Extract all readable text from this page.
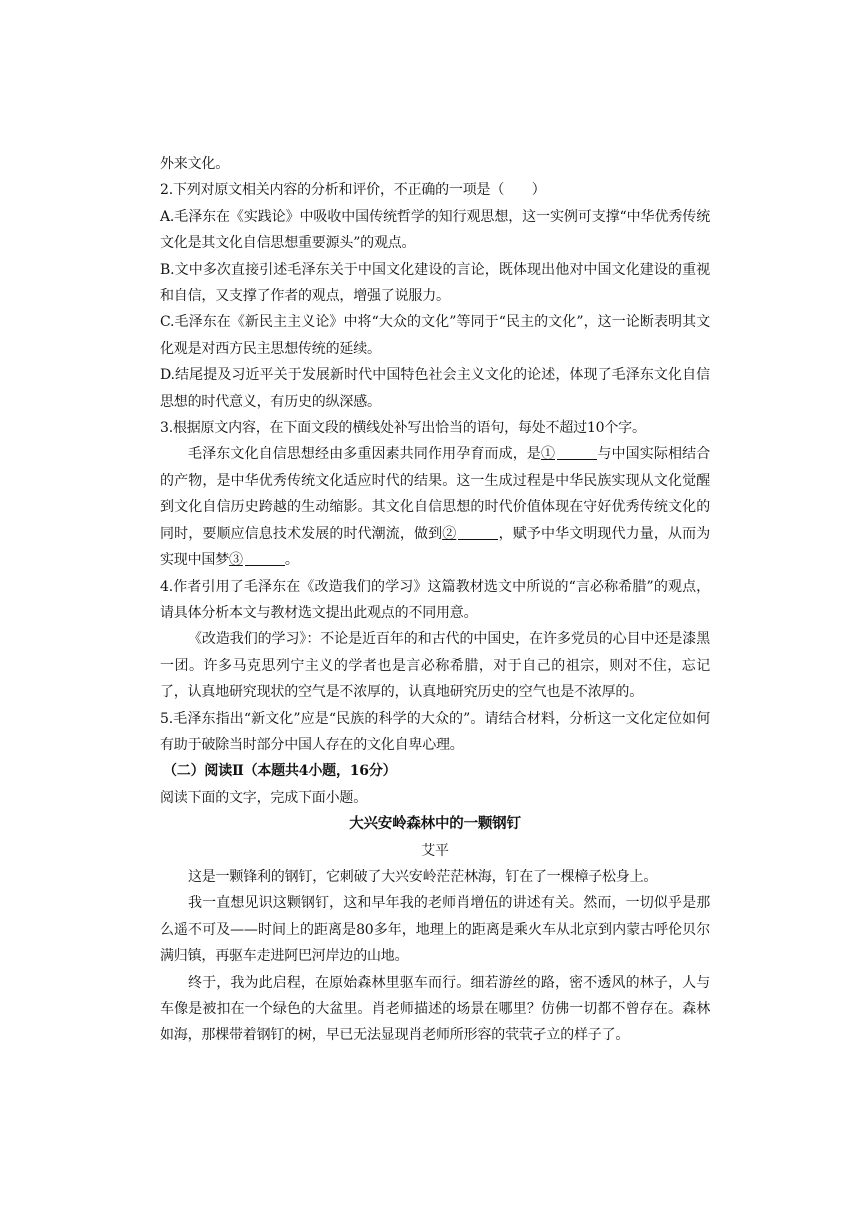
外来文化。

2.下列对原文相关内容的分析和评价，不正确的一项是（　　）

A.毛泽东在《实践论》中吸收中国传统哲学的知行观思想，这一实例可支撑“中华优秀传统文化是其文化自信思想重要源头”的观点。

B.文中多次直接引述毛泽东关于中国文化建设的言论，既体现出他对中国文化建设的重视和自信，又支撑了作者的观点，增强了说服力。

C.毛泽东在《新民主主义论》中将“大众的文化”等同于“民主的文化”，这一论断表明其文化观是对西方民主思想传统的延续。

D.结尾提及习近平关于发展新时代中国特色社会主义文化的论述，体现了毛泽东文化自信思想的时代意义，有历史的纵深感。

3.根据原文内容，在下面文段的横线处补写出恰当的语句，每处不超过10个字。

毛泽东文化自信思想经由多重因素共同作用孕育而成，是①	与中国实际相结合的产物，是中华优秀传统文化适应时代的结果。这一生成过程是中华民族实现从文化觉醒到文化自信历史跨越的生动缩影。其文化自信思想的时代价值体现在守好优秀传统文化的同时，要顺应信息技术发展的时代潮流，做到②	，赋予中华文明现代力量，从而为实现中国梦③	。

4.作者引用了毛泽东在《改造我们的学习》这篇教材选文中所说的“言必称希腊”的观点，请具体分析本文与教材选文提出此观点的不同用意。

《改造我们的学习》：不论是近百年的和古代的中国史，在许多党员的心目中还是漆黑一团。许多马克思列宁主义的学者也是言必称希腊，对于自己的祖宗，则对不住，忘记了，认真地研究现状的空气是不浓厚的，认真地研究历史的空气也是不浓厚的。

5.毛泽东指出“新文化”应是“民族的科学的大众的”。请结合材料，分析这一文化定位如何有助于破除当时部分中国人存在的文化自卑心理。

（二）阅读Ⅱ（本题共4小题，16分）

阅读下面的文字，完成下面小题。

大兴安岭森林中的一颗钢钉

艾平

这是一颗锋利的钢钉，它刺破了大兴安岭茫茫林海，钉在了一棵樟子松身上。

我一直想见识这颗钢钉，这和早年我的老师肖增伍的讲述有关。然而，一切似乎是那么遥不可及——时间上的距离是80多年，地理上的距离是乘火车从北京到内蒙古呼伦贝尔满归镇，再驱车走进阿巴河岸边的山地。

终于，我为此启程，在原始森林里驱车而行。细若游丝的路，密不透风的林子，人与车像是被扣在一个绿色的大盆里。肖老师描述的场景在哪里？仿佛一切都不曾存在。森林如海，那棵带着钢钉的树，早已无法显现肖老师所形容的茕茕孑立的样子了。
